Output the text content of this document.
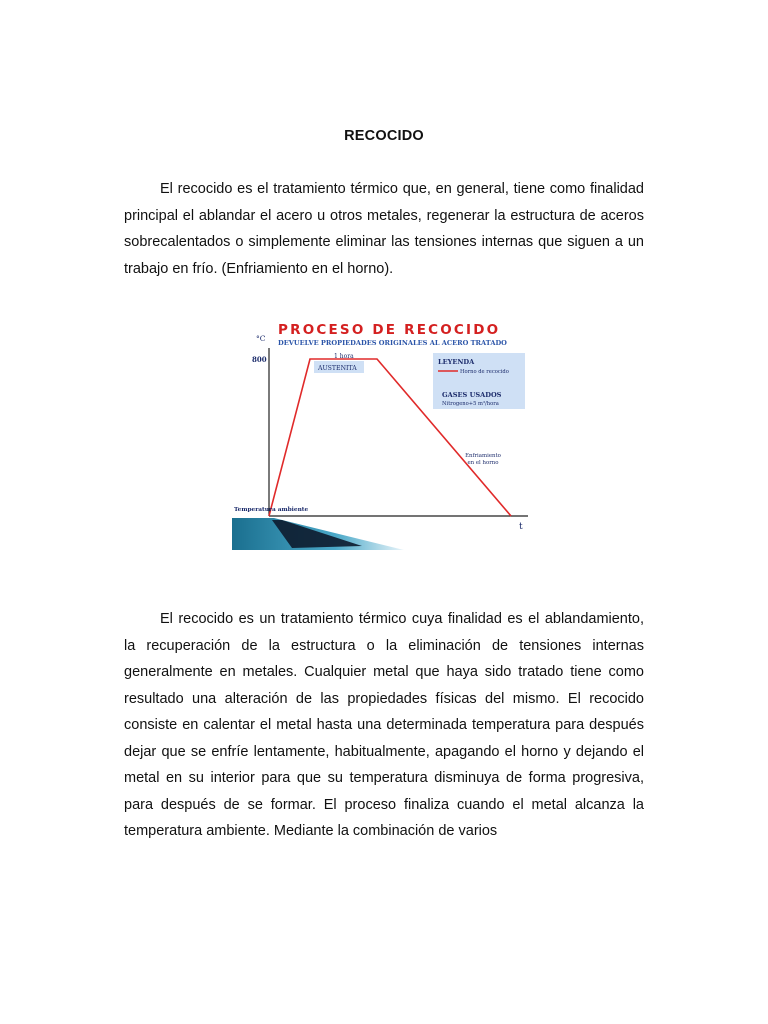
RECOCIDO

El recocido es el tratamiento térmico que, en general, tiene como finalidad principal el ablandar el acero u otros metales, regenerar la estructura de aceros sobrecalentados o simplemente eliminar las tensiones internas que siguen a un trabajo en frío. (Enfriamiento en el horno).

PROCESO DE RECOCIDO
DEVUELVE PROPIEDADES ORIGINALES AL ACERO TRATADO
°C
800
t
1 hora
AUSTENITA
LEYENDA
Horno de recocido
GASES USADOS
Nitrogeno+5 m³/hora
Enfriamiento
en el horno
Temperatura ambiente

El recocido es un tratamiento térmico cuya finalidad es el ablandamiento, la recuperación de la estructura o la eliminación de tensiones internas generalmente en metales. Cualquier metal que haya sido tratado tiene como resultado una alteración de las propiedades físicas del mismo. El recocido consiste en calentar el metal hasta una determinada temperatura para después dejar que se enfríe lentamente, habitualmente, apagando el horno y dejando el metal en su interior para que su temperatura disminuya de forma progresiva, para después de se formar. El proceso finaliza cuando el metal alcanza la temperatura ambiente. Mediante la combinación de varios
